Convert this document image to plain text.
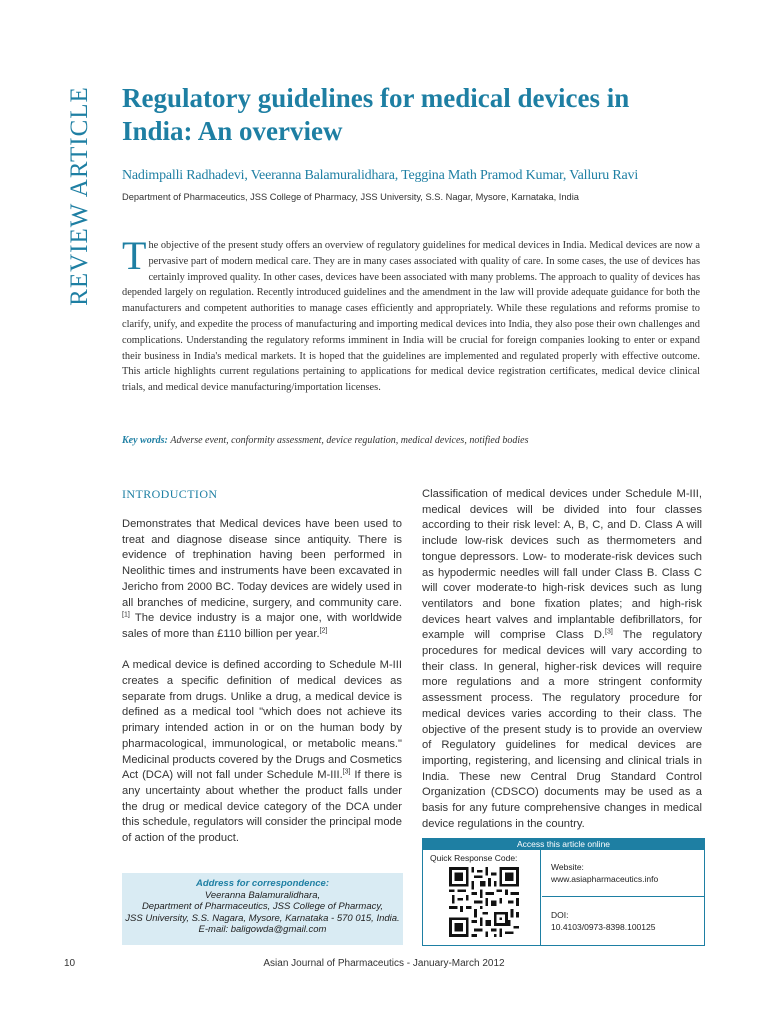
REVIEW ARTICLE Regulatory guidelines for medical devices in
India: An overview
Nadimpalli Radhadevi, Veeranna Balamuralidhara, Teggina Math Pramod Kumar, Valluru Ravi
Department of Pharmaceutics, JSS College of Pharmacy, JSS University, S.S. Nagar, Mysore, Karnataka, India
The objective of the present study offers an overview of regulatory guidelines for medical devices in India. Medical devices are now a pervasive part of modern medical care. They are in many cases associated with quality of care. In some cases, the use of devices has certainly improved quality. In other cases, devices have been associated with many problems. The approach to quality of devices has depended largely on regulation. Recently introduced guidelines and the amendment in the law will provide adequate guidance for both the manufacturers and competent authorities to manage cases efficiently and appropriately. While these regulations and reforms promise to clarify, unify, and expedite the process of manufacturing and importing medical devices into India, they also pose their own challenges and complications. Understanding the regulatory reforms imminent in India will be crucial for foreign companies looking to enter or expand their business in India's medical markets. It is hoped that the guidelines are implemented and regulated properly with effective outcome. This article highlights current regulations pertaining to applications for medical device registration certificates, medical device clinical trials, and medical device manufacturing/importation licenses.
Key words: Adverse event, conformity assessment, device regulation, medical devices, notified bodies
INTRODUCTION

Demonstrates that Medical devices have been used to treat and diagnose disease since antiquity. There is evidence of trephination having been performed in Neolithic times and instruments have been excavated in Jericho from 2000 BC. Today devices are widely used in all branches of medicine, surgery, and community care.[1] The device industry is a major one, with worldwide sales of more than £110 billion per year.[2]

A medical device is defined according to Schedule M-III creates a specific definition of medical devices as separate from drugs. Unlike a drug, a medical device is defined as a medical tool "which does not achieve its primary intended action in or on the human body by pharmacological, immunological, or metabolic means." Medicinal products covered by the Drugs and Cosmetics Act (DCA) will not fall under Schedule M-III.[3] If there is any uncertainty about whether the product falls under the drug or medical device category of the DCA under this schedule, regulators will consider the principal mode of action of the product.

Classification of medical devices under Schedule M-III, medical devices will be divided into four classes according to their risk level: A, B, C, and D. Class A will include low-risk devices such as thermometers and tongue depressors. Low- to moderate-risk devices such as hypodermic needles will fall under Class B. Class C will cover moderate-to high-risk devices such as lung ventilators and bone fixation plates; and high-risk devices heart valves and implantable defibrillators, for example will comprise Class D.[3] The regulatory procedures for medical devices will vary according to their class. In general, higher-risk devices will require more regulations and a more stringent conformity assessment process. The regulatory procedure for medical devices varies according to their class. The objective of the present study is to provide an overview of Regulatory guidelines for medical devices are importing, registering, and licensing and clinical trials in India. These new Central Drug Standard Control Organization (CDSCO) documents may be used as a basis for any future comprehensive changes in medical device regulations in the country.

Address for correspondence:
Veeranna Balamuralidhara,
Department of Pharmaceutics, JSS College of Pharmacy,
JSS University, S.S. Nagara, Mysore, Karnataka - 570 015, India.
E-mail: baligowda@gmail.com
Access this article online
Quick Response Code:
Website:
www.asiapharmaceutics.info
DOI:
10.4103/0973-8398.100125
10	Asian Journal of Pharmaceutics - January-March 2012
